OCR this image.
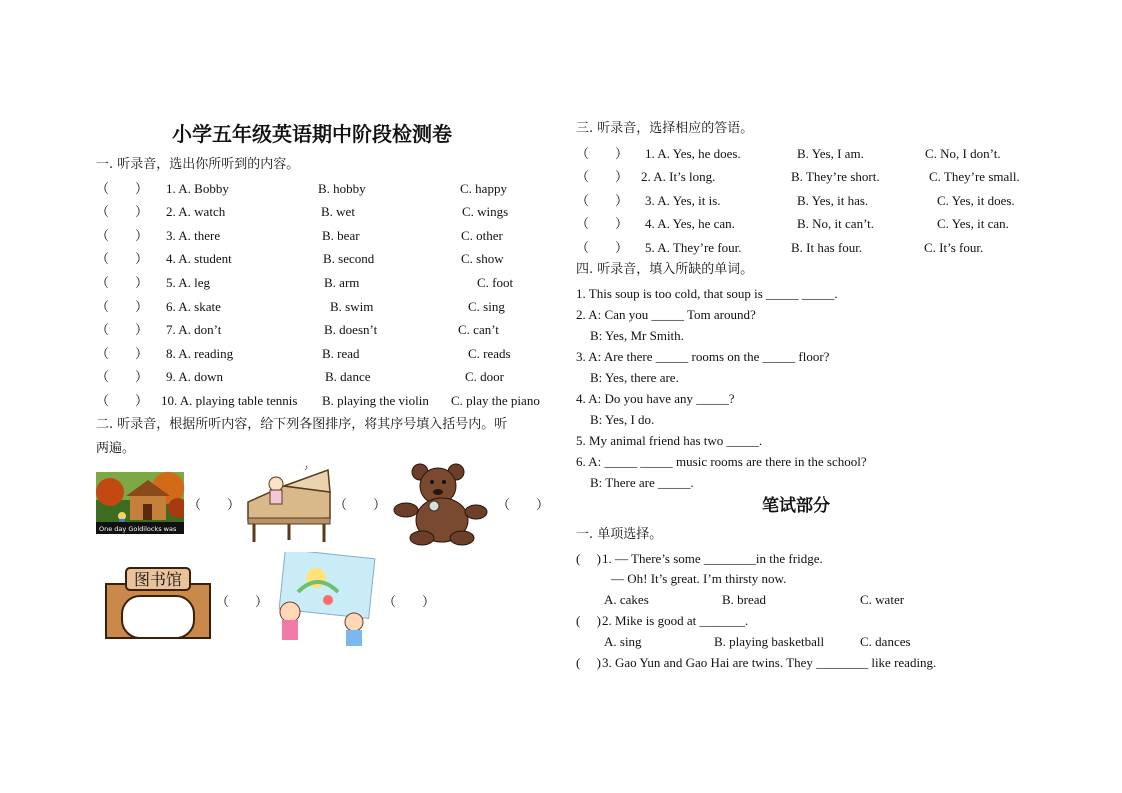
小学五年级英语期中阶段检测卷
一. 听录音，选出你所听到的内容。
（　　） 1. A. Bobby	B. hobby	C. happy
（　　） 2. A. watch	B. wet	C. wings
（　　） 3. A. there	B. bear	C. other
（　　） 4. A. student	B. second	C. show
（　　） 5. A. leg	B. arm	C. foot
（　　） 6. A. skate	B. swim	C. sing
（　　） 7. A. don’t	B. doesn’t	C. can’t
（　　） 8. A. reading	B. read	C. reads
（　　） 9. A. down	B. dance	C. door
（　　） 10. A. playing table tennis B. playing the violin C. play the piano
二. 听录音，根据所听内容，给下列各图排序，将其序号填入括号内。听
两遍。
One day Goldilocks was
（　　）
♪
（　　）	（　　）
图书馆
（　　）	（　　）
三. 听录音，选择相应的答语。
（　　） 1. A. Yes, he does.	B. Yes, I am.	C. No, I don’t.
（　　） 2. A. It’s long.	B. They’re short.	C. They’re small.
（　　） 3. A. Yes, it is.	B. Yes, it has.	C. Yes, it does.
（　　） 4. A. Yes, he can.	B. No, it can’t.	C. Yes, it can.
（　　） 5. A. They’re four.	B. It has four.	C. It’s four.
四. 听录音，填入所缺的单词。
1. This soup is too cold, that soup is _____ _____.
2. A: Can you _____ Tom around?
B: Yes, Mr Smith.
3. A: Are there _____ rooms on the _____ floor?
B: Yes, there are.
4. A: Do you have any _____?
B: Yes, I do.
5. My animal friend has two _____.
6. A: _____ _____ music rooms are there in the school?
B: There are _____.
笔试部分
一. 单项选择。
(　 ) 1. — There’s some ________in the fridge.
— Oh! It’s great. I’m thirsty now.
A. cakes	B. bread	C. water
(　 ) 2. Mike is good at _______.
A. sing	B. playing basketball	C. dances
(　 ) 3. Gao Yun and Gao Hai are twins. They ________ like reading.
